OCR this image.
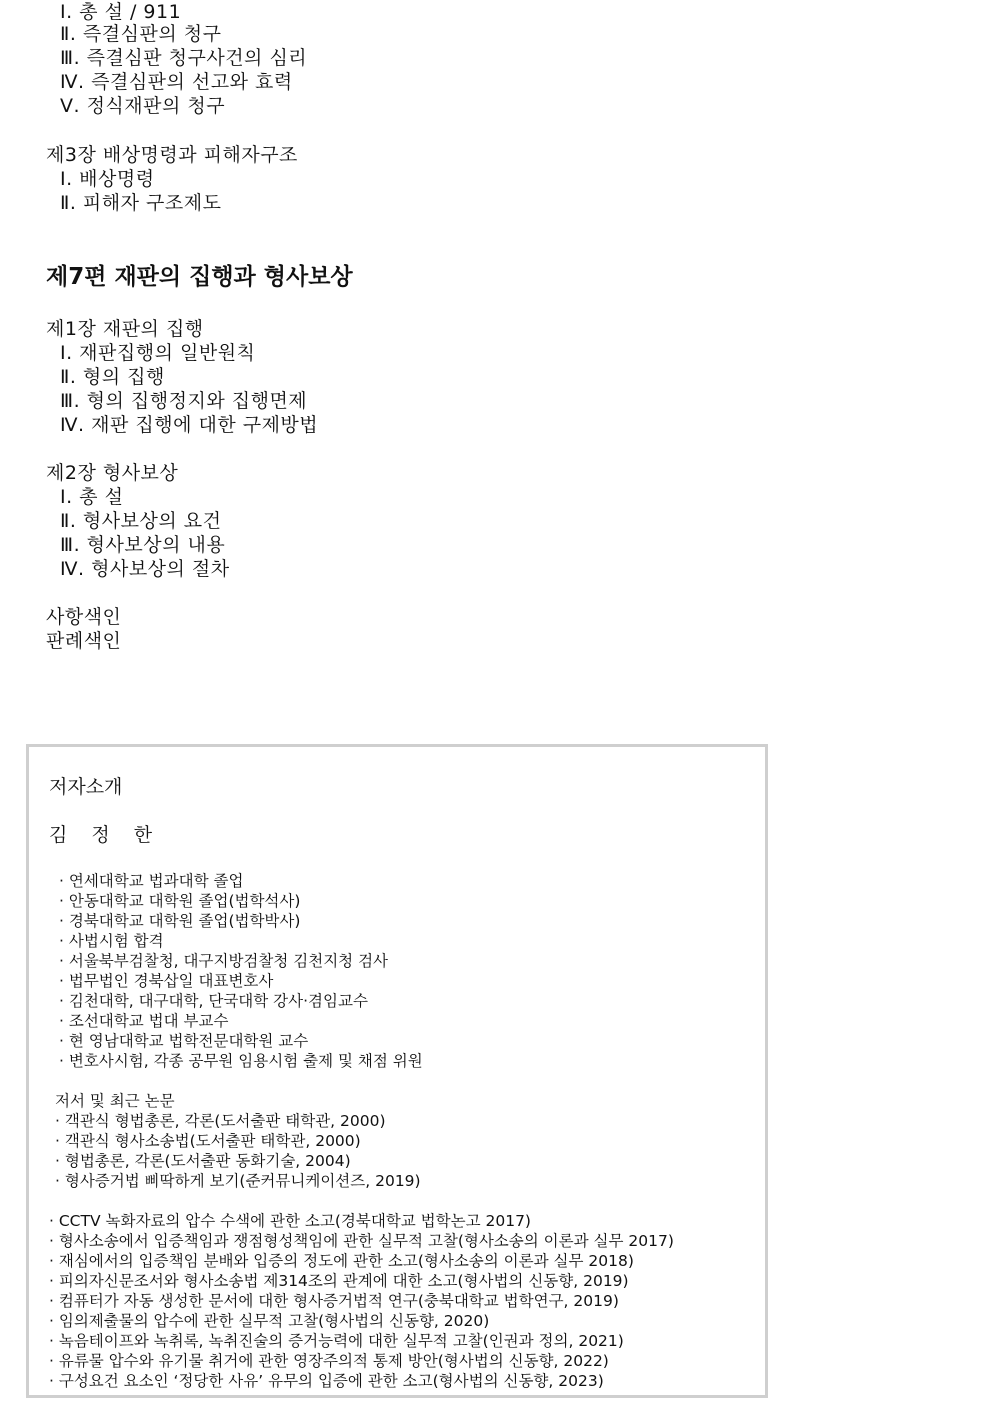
Ⅰ. 총 설 / 911
Ⅱ. 즉결심판의 청구
Ⅲ. 즉결심판 청구사건의 심리
Ⅳ. 즉결심판의 선고와 효력
Ⅴ. 정식재판의 청구
제3장 배상명령과 피해자구조
Ⅰ. 배상명령
Ⅱ. 피해자 구조제도
제7편 재판의 집행과 형사보상
제1장 재판의 집행
Ⅰ. 재판집행의 일반원칙
Ⅱ. 형의 집행
Ⅲ. 형의 집행정지와 집행면제
Ⅳ. 재판 집행에 대한 구제방법
제2장 형사보상
Ⅰ. 총 설
Ⅱ. 형사보상의 요건
Ⅲ. 형사보상의 내용
Ⅳ. 형사보상의 절차
사항색인
판례색인
저자소개
김 정 한
· 연세대학교 법과대학 졸업
· 안동대학교 대학원 졸업(법학석사)
· 경북대학교 대학원 졸업(법학박사)
· 사법시험 합격
· 서울북부검찰청, 대구지방검찰청 김천지청 검사
· 법무법인 경북삽일 대표변호사
· 김천대학, 대구대학, 단국대학 강사·겸임교수
· 조선대학교 법대 부교수
· 현 영남대학교 법학전문대학원 교수
· 변호사시험, 각종 공무원 임용시험 출제 및 채점 위원
저서 및 최근 논문
· 객관식 형법총론, 각론(도서출판 태학관, 2000)
· 객관식 형사소송법(도서출판 태학관, 2000)
· 형법총론, 각론(도서출판 동화기술, 2004)
· 형사증거법 삐딱하게 보기(준커뮤니케이션즈, 2019)
· CCTV 녹화자료의 압수 수색에 관한 소고(경북대학교 법학논고 2017)
· 형사소송에서 입증책임과 쟁점형성책임에 관한 실무적 고찰(형사소송의 이론과 실무 2017)
· 재심에서의 입증책임 분배와 입증의 정도에 관한 소고(형사소송의 이론과 실무 2018)
· 피의자신문조서와 형사소송법 제314조의 관계에 대한 소고(형사법의 신동향, 2019)
· 컴퓨터가 자동 생성한 문서에 대한 형사증거법적 연구(충북대학교 법학연구, 2019)
· 임의제출물의 압수에 관한 실무적 고찰(형사법의 신동향, 2020)
· 녹음테이프와 녹취록, 녹취진술의 증거능력에 대한 실무적 고찰(인권과 정의, 2021)
· 유류물 압수와 유기물 취거에 관한 영장주의적 통제 방안(형사법의 신동향, 2022)
· 구성요건 요소인 ‘정당한 사유’ 유무의 입증에 관한 소고(형사법의 신동향, 2023)
